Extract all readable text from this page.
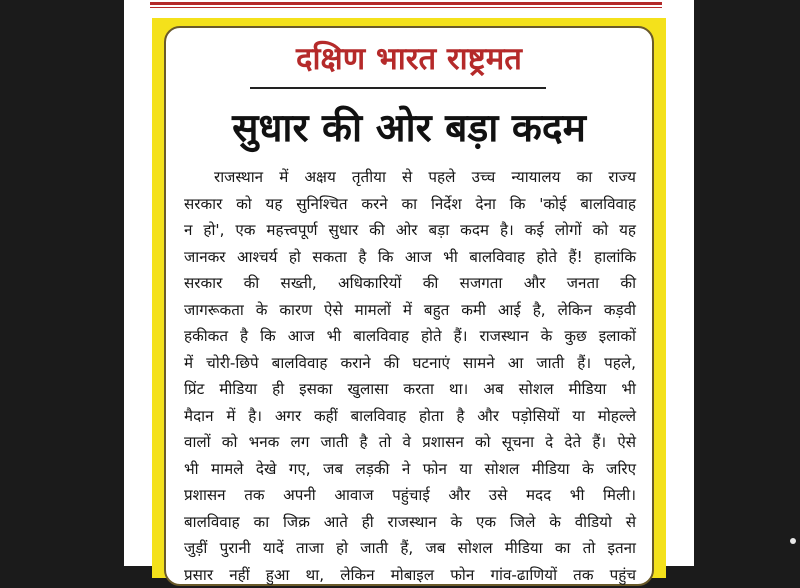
दक्षिण भारत राष्ट्रमत
सुधार की ओर बड़ा कदम
राजस्थान में अक्षय तृतीया से पहले उच्च न्यायालय का राज्य
सरकार को यह सुनिश्चित करने का निर्देश देना कि 'कोई बालविवाह
न हो', एक महत्त्वपूर्ण सुधार की ओर बड़ा कदम है। कई लोगों को यह
जानकर आश्चर्य हो सकता है कि आज भी बालविवाह होते हैं! हालांकि
सरकार की सख्ती, अधिकारियों की सजगता और जनता की
जागरूकता के कारण ऐसे मामलों में बहुत कमी आई है, लेकिन कड़वी
हकीकत है कि आज भी बालविवाह होते हैं। राजस्थान के कुछ इलाकों
में चोरी-छिपे बालविवाह कराने की घटनाएं सामने आ जाती हैं। पहले,
प्रिंट मीडिया ही इसका खुलासा करता था। अब सोशल मीडिया भी
मैदान में है। अगर कहीं बालविवाह होता है और पड़ोसियों या मोहल्ले
वालों को भनक लग जाती है तो वे प्रशासन को सूचना दे देते हैं। ऐसे
भी मामले देखे गए, जब लड़की ने फोन या सोशल मीडिया के जरिए
प्रशासन तक अपनी आवाज पहुंचाई और उसे मदद भी मिली।
बालविवाह का जिक्र आते ही राजस्थान के एक जिले के वीडियो से
जुड़ीं पुरानी यादें ताजा हो जाती हैं, जब सोशल मीडिया का तो इतना
प्रसार नहीं हुआ था, लेकिन मोबाइल फोन गांव-ढाणियों तक पहुंच
